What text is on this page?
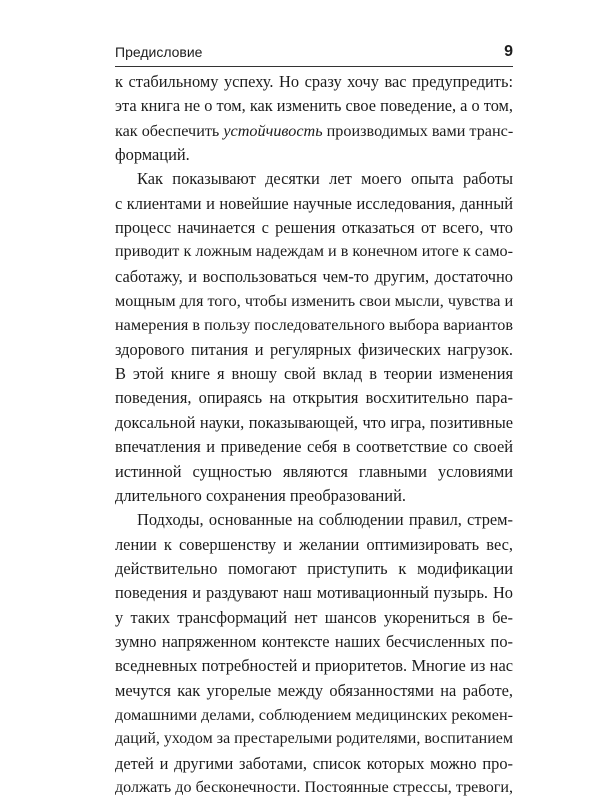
Предисловие	9

к стабильному успеху. Но сразу хочу вас предупредить:
эта книга не о том, как изменить свое поведение, а о том,
как обеспечить устойчивость производимых вами транс-
формаций.

Как показывают десятки лет моего опыта работы
с клиентами и новейшие научные исследования, данный
процесс начинается с решения отказаться от всего, что
приводит к ложным надеждам и в конечном итоге к само-
саботажу, и воспользоваться чем-то другим, достаточно
мощным для того, чтобы изменить свои мысли, чувства и
намерения в пользу последовательного выбора вариантов
здорового питания и регулярных физических нагрузок.
В этой книге я вношу свой вклад в теории изменения
поведения, опираясь на открытия восхитительно пара-
доксальной науки, показывающей, что игра, позитивные
впечатления и приведение себя в соответствие со своей
истинной сущностью являются главными условиями
длительного сохранения преобразований.

Подходы, основанные на соблюдении правил, стрем-
лении к совершенству и желании оптимизировать вес,
действительно помогают приступить к модификации
поведения и раздувают наш мотивационный пузырь. Но
у таких трансформаций нет шансов укорениться в бе-
зумно напряженном контексте наших бесчисленных по-
вседневных потребностей и приоритетов. Многие из нас
мечутся как угорелые между обязанностями на работе,
домашними делами, соблюдением медицинских рекомен-
даций, уходом за престарелыми родителями, воспитанием
детей и другими заботами, список которых можно про-
должать до бесконечности. Постоянные стрессы, тревоги,
